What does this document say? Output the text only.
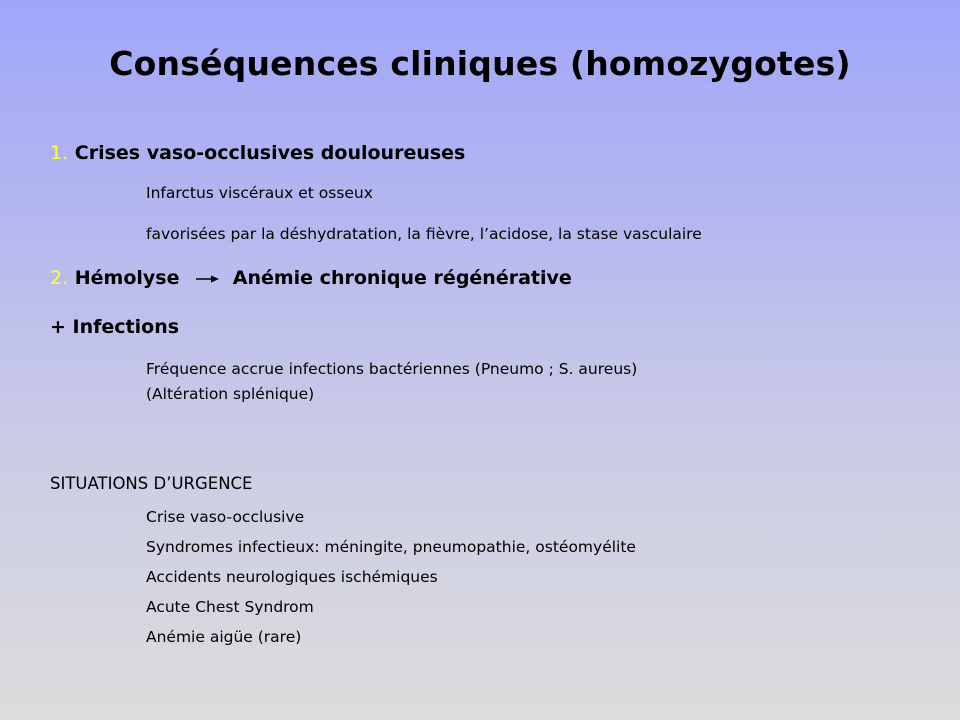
Conséquences cliniques (homozygotes)
1. Crises vaso-occlusives douloureuses
Infarctus viscéraux et osseux
favorisées par la déshydratation, la fièvre, l’acidose, la stase vasculaire
2. Hémolyse	Anémie chronique régénérative
+ Infections
Fréquence accrue infections bactériennes (Pneumo ; S. aureus)
(Altération splénique)
SITUATIONS D’URGENCE
Crise vaso-occlusive
Syndromes infectieux: méningite, pneumopathie, ostéomyélite
Accidents neurologiques ischémiques
Acute Chest Syndrom
Anémie aigüe (rare)
